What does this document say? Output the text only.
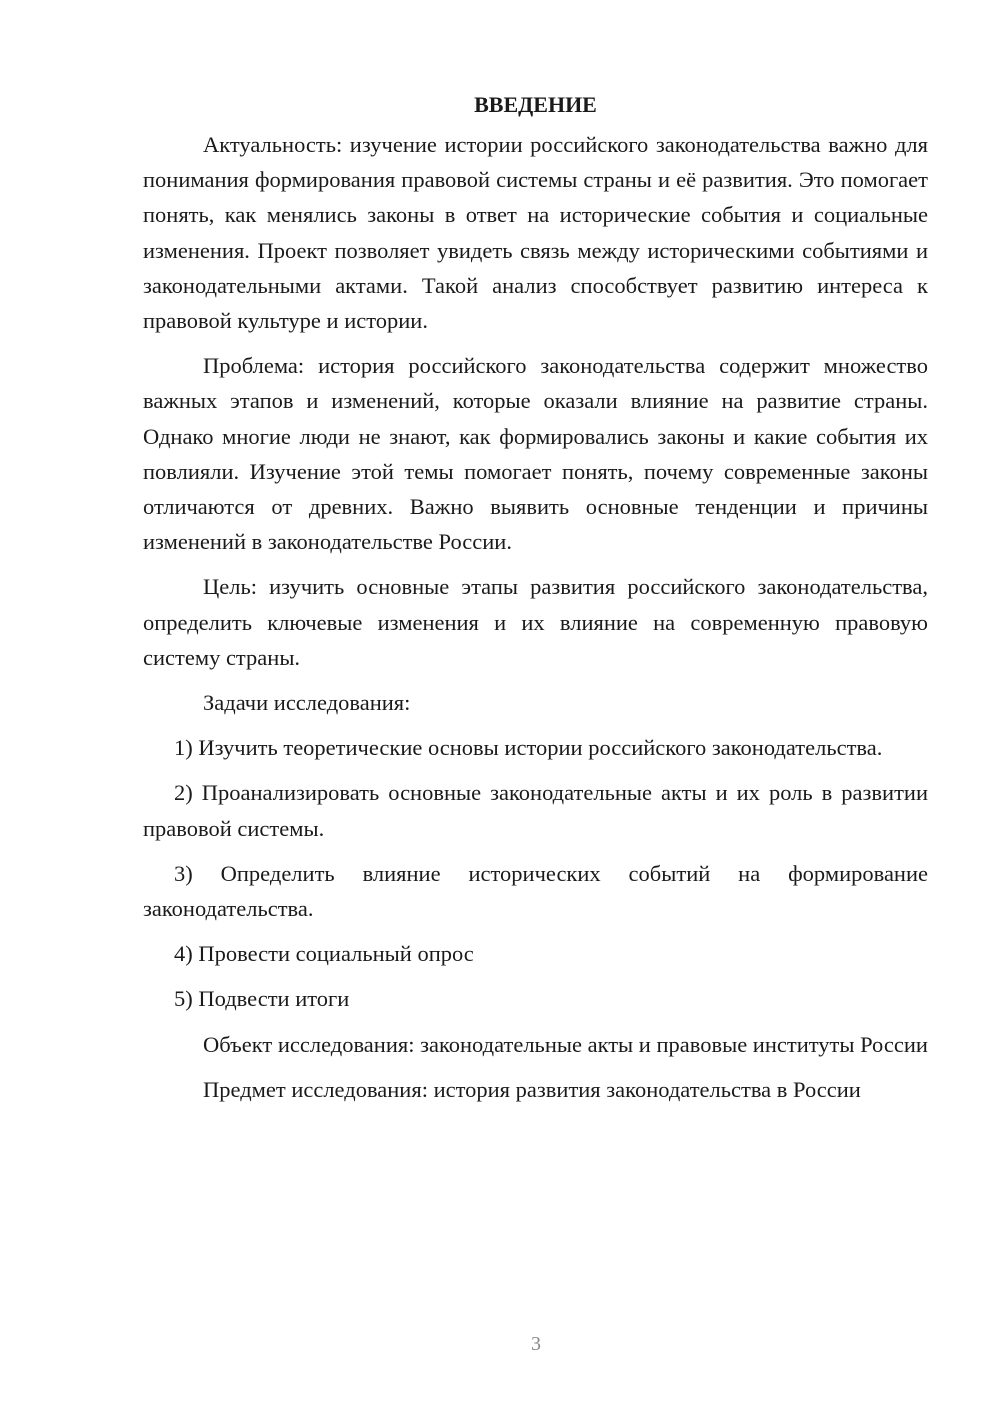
ВВЕДЕНИЕ

Актуальность: изучение истории российского законодательства важно для понимания формирования правовой системы страны и её развития. Это помогает понять, как менялись законы в ответ на исторические события и социальные изменения. Проект позволяет увидеть связь между историческими событиями и законодательными актами. Такой анализ способствует развитию интереса к правовой культуре и истории.

Проблема: история российского законодательства содержит множество важных этапов и изменений, которые оказали влияние на развитие страны. Однако многие люди не знают, как формировались законы и какие события их повлияли. Изучение этой темы помогает понять, почему современные законы отличаются от древних. Важно выявить основные тенденции и причины изменений в законодательстве России.

Цель: изучить основные этапы развития российского законодательства, определить ключевые изменения и их влияние на современную правовую систему страны.

Задачи исследования:

1) Изучить теоретические основы истории российского законодательства.

2) Проанализировать основные законодательные акты и их роль в развитии правовой системы.

3) Определить влияние исторических событий на формирование законодательства.

4) Провести социальный опрос

5) Подвести итоги

Объект исследования: законодательные акты и правовые институты России

Предмет исследования: история развития законодательства в России

3
